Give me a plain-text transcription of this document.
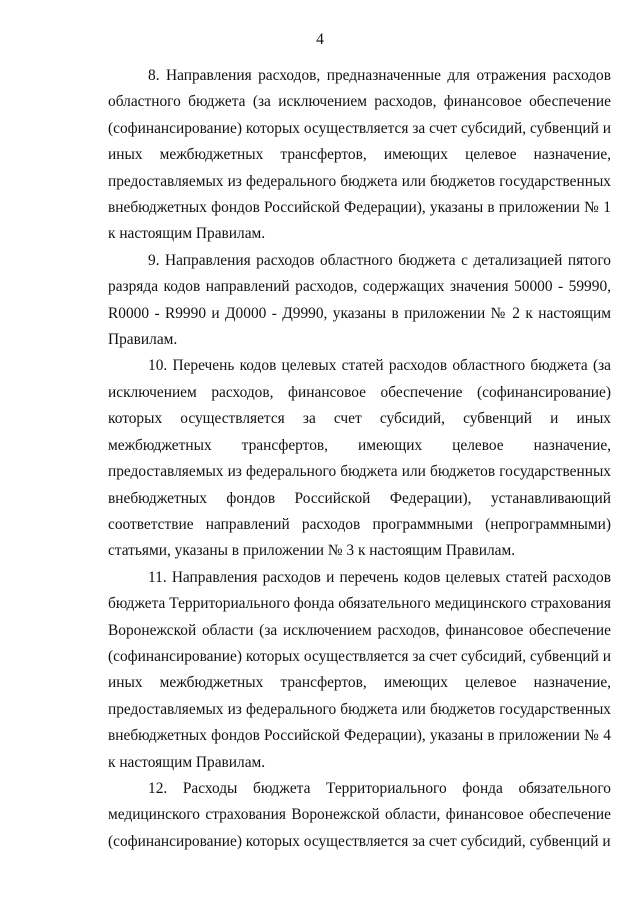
4

8. Направления расходов, предназначенные для отражения расходов областного бюджета (за исключением расходов, финансовое обеспечение (софинансирование) которых осуществляется за счет субсидий, субвенций и иных межбюджетных трансфертов, имеющих целевое назначение, предоставляемых из федерального бюджета или бюджетов государственных внебюджетных фондов Российской Федерации), указаны в приложении № 1 к настоящим Правилам.

9. Направления расходов областного бюджета с детализацией пятого разряда кодов направлений расходов, содержащих значения 50000 - 59990, R0000 - R9990 и Д0000 - Д9990, указаны в приложении № 2 к настоящим Правилам.

10. Перечень кодов целевых статей расходов областного бюджета (за исключением расходов, финансовое обеспечение (софинансирование) которых осуществляется за счет субсидий, субвенций и иных межбюджетных трансфертов, имеющих целевое назначение, предоставляемых из федерального бюджета или бюджетов государственных внебюджетных фондов Российской Федерации), устанавливающий соответствие направлений расходов программными (непрограммными) статьями, указаны в приложении № 3 к настоящим Правилам.

11. Направления расходов и перечень кодов целевых статей расходов бюджета Территориального фонда обязательного медицинского страхования Воронежской области (за исключением расходов, финансовое обеспечение (софинансирование) которых осуществляется за счет субсидий, субвенций и иных межбюджетных трансфертов, имеющих целевое назначение, предоставляемых из федерального бюджета или бюджетов государственных внебюджетных фондов Российской Федерации), указаны в приложении № 4 к настоящим Правилам.

12. Расходы бюджета Территориального фонда обязательного медицинского страхования Воронежской области, финансовое обеспечение (софинансирование) которых осуществляется за счет субсидий, субвенций и
